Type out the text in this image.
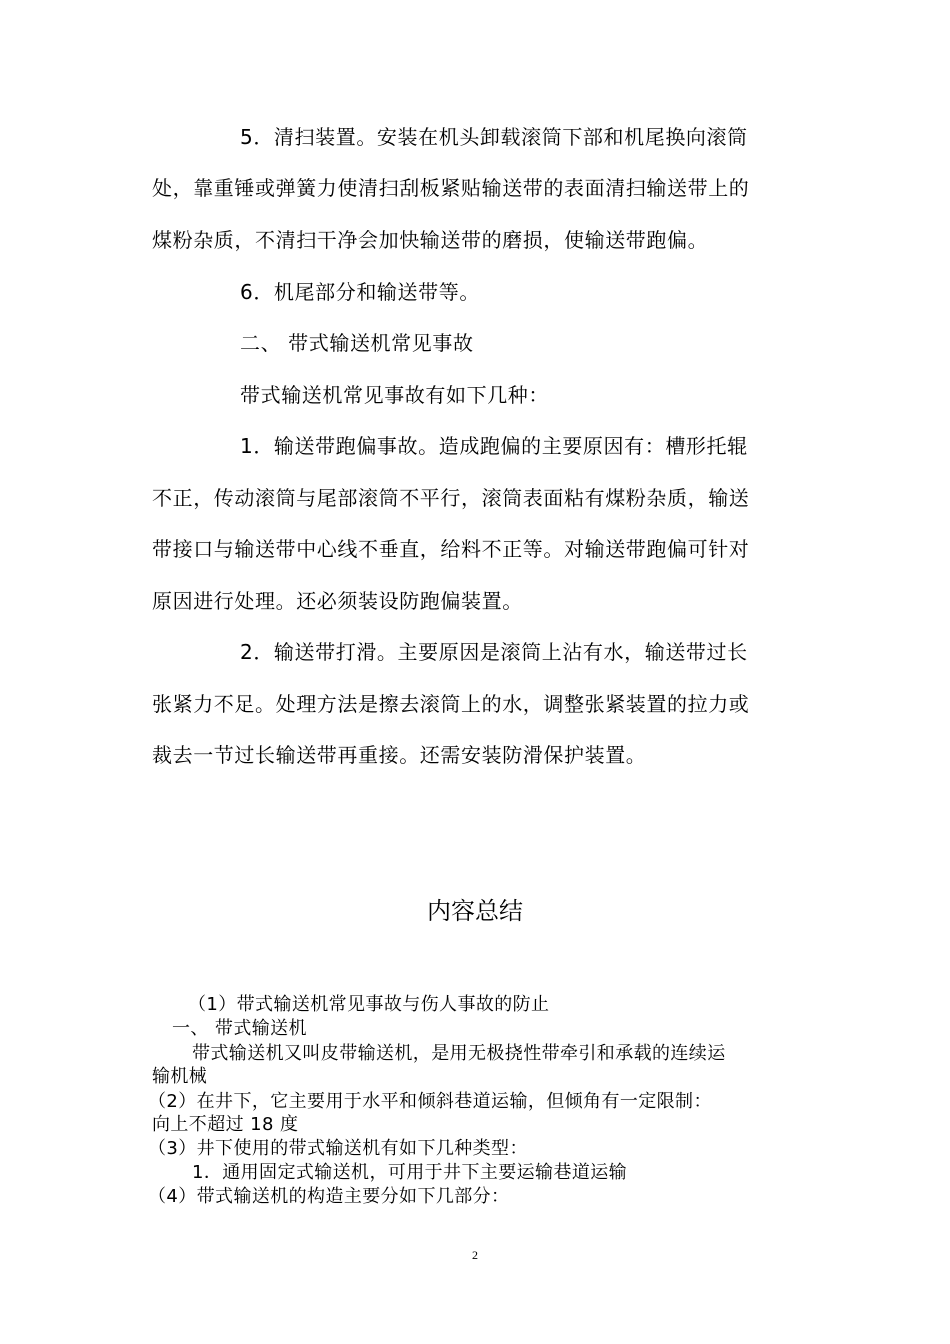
5．清扫装置。安装在机头卸载滚筒下部和机尾换向滚筒
处，靠重锤或弹簧力使清扫刮板紧贴输送带的表面清扫输送带上的
煤粉杂质，不清扫干净会加快输送带的磨损，使输送带跑偏。
6．机尾部分和输送带等。
二、 带式输送机常见事故
带式输送机常见事故有如下几种：
1．输送带跑偏事故。造成跑偏的主要原因有：槽形托辊
不正，传动滚筒与尾部滚筒不平行，滚筒表面粘有煤粉杂质，输送
带接口与输送带中心线不垂直，给料不正等。对输送带跑偏可针对
原因进行处理。还必须装设防跑偏装置。
2．输送带打滑。主要原因是滚筒上沾有水，输送带过长
张紧力不足。处理方法是擦去滚筒上的水，调整张紧装置的拉力或
裁去一节过长输送带再重接。还需安装防滑保护装置。
内容总结
（1）带式输送机常见事故与伤人事故的防止
一、 带式输送机
带式输送机又叫皮带输送机，是用无极挠性带牵引和承载的连续运
输机械
（2）在井下，它主要用于水平和倾斜巷道运输，但倾角有一定限制：
向上不超过 18 度
（3）井下使用的带式输送机有如下几种类型：
1．通用固定式输送机，可用于井下主要运输巷道运输
（4）带式输送机的构造主要分如下几部分：
2
